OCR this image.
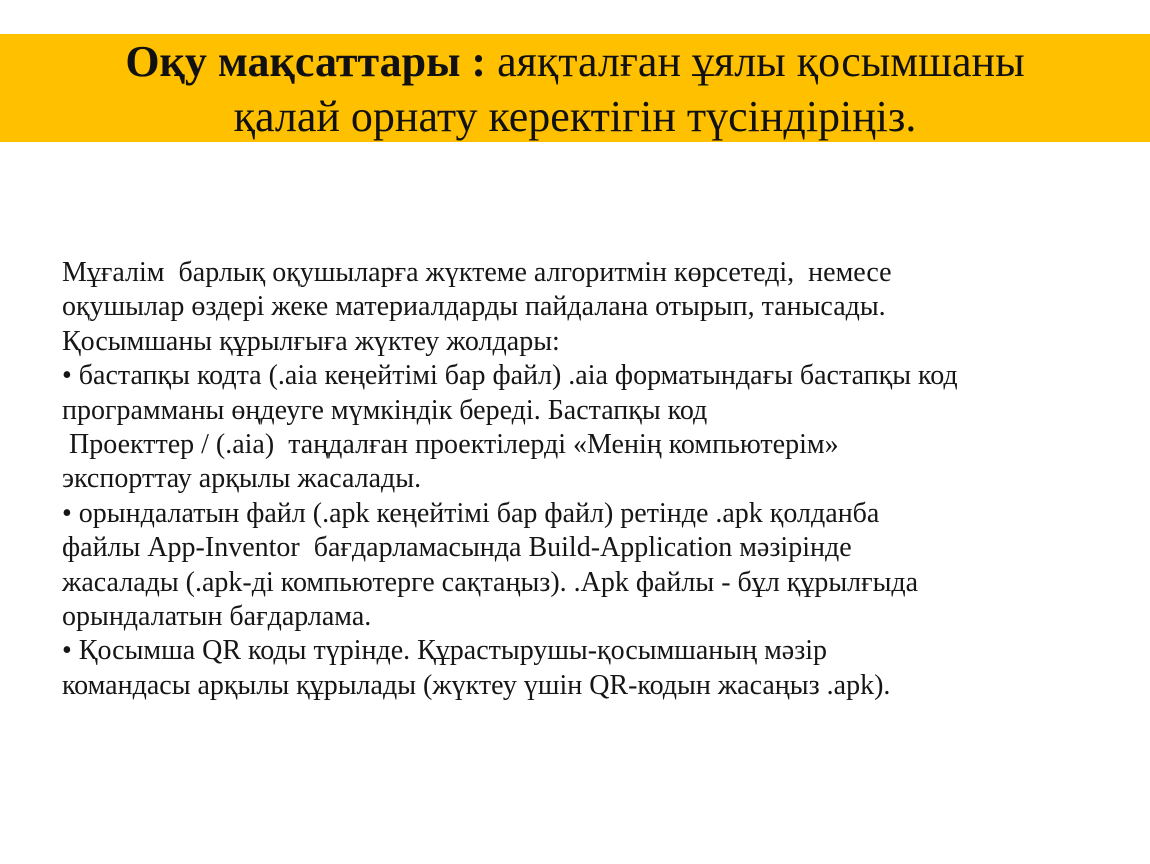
Оқу мақсаттары : аяқталған ұялы қосымшаны
қалай орнату керектігін түсіндіріңіз.
Мұғалім  барлық оқушыларға жүктеме алгоритмін көрсетеді,  немесе
оқушылар өздері жеке материалдарды пайдалана отырып, танысады.
Қосымшаны құрылғыға жүктеу жолдары:
• бастапқы кодта (.aia кеңейтімі бар файл) .aia форматындағы бастапқы код
программаны өңдеуге мүмкіндік береді. Бастапқы код
Проекттер / (.aia)  таңдалған проектілерді «Менің компьютерім»
экспорттау арқылы жасалады.
• орындалатын файл (.apk кеңейтімі бар файл) ретінде .apk қолданба
файлы App-Inventor  бағдарламасында Build-Application мәзірінде
жасалады (.apk-ді компьютерге сақтаңыз). .Apk файлы - бұл құрылғыда
орындалатын бағдарлама.
• Қосымша QR коды түрінде. Құрастырушы-қосымшаның мәзір
командасы арқылы құрылады (жүктеу үшін QR-кодын жасаңыз .apk).
